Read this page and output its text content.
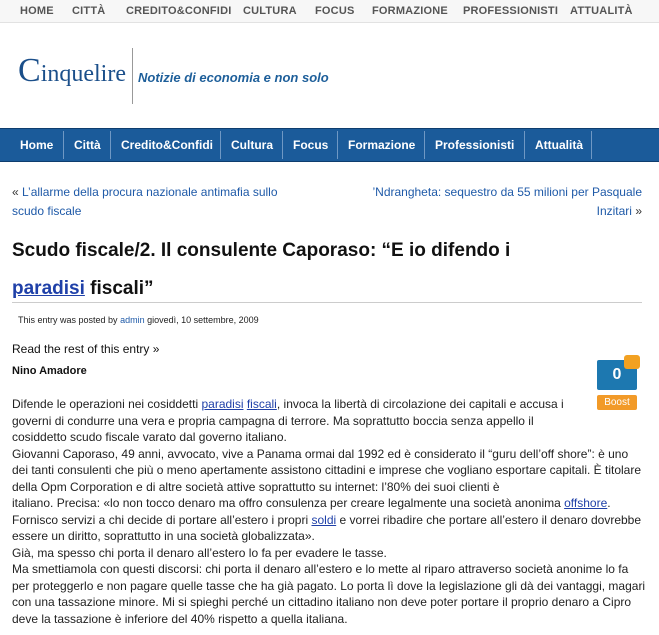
HOME CITTÀ CREDITO&CONFIDI CULTURA FOCUS FORMAZIONE PROFESSIONISTI ATTUALITÀ
Cinquelire Notizie di economia e non solo
Home Città Credito&Confidi Cultura Focus Formazione Professionisti Attualità
« L’allarme della procura nazionale antimafia sullo
scudo fiscale
’Ndrangheta: sequestro da 55 milioni per Pasquale
Inzitari »
Scudo fiscale/2. Il consulente Caporaso: “E io difendo i
paradisi fiscali”
This entry was posted by admin giovedì, 10 settembre, 2009
Read the rest of this entry »
Nino Amadore	0
Boost

Difende le operazioni nei cosiddetti paradisi fiscali, invoca la libertà di circolazione dei capitali e accusa i governi di condurre una vera e propria campagna di terrore. Ma soprattutto boccia senza appello il cosiddetto scudo fiscale varato dal governo italiano.

Giovanni Caporaso, 49 anni, avvocato, vive a Panama ormai dal 1992 ed è considerato il “guru dell’off shore”: è uno dei tanti consulenti che più o meno apertamente assistono cittadini e imprese che vogliano esportare capitali. È titolare della Opm Corporation e di altre società attive soprattutto su internet: l’80% dei suoi clienti è

italiano. Precisa: «lo non tocco denaro ma offro consulenza per creare legalmente una società anonima offshore.

Fornisco servizi a chi decide di portare all’estero i propri soldi e vorrei ribadire che portare all’estero il denaro dovrebbe essere un diritto, soprattutto in una società globalizzata».

Già, ma spesso chi porta il denaro all’estero lo fa per evadere le tasse.

Ma smettiamola con questi discorsi: chi porta il denaro all’estero e lo mette al riparo attraverso società anonime lo fa per proteggerlo e non pagare quelle tasse che ha già pagato. Lo porta lì dove la legislazione gli dà dei vantaggi, magari con una tassazione minore. Mi si spieghi perché un cittadino italiano non deve poter portare il proprio denaro a Cipro deve la tassazione è inferiore del 40% rispetto a quella italiana.
